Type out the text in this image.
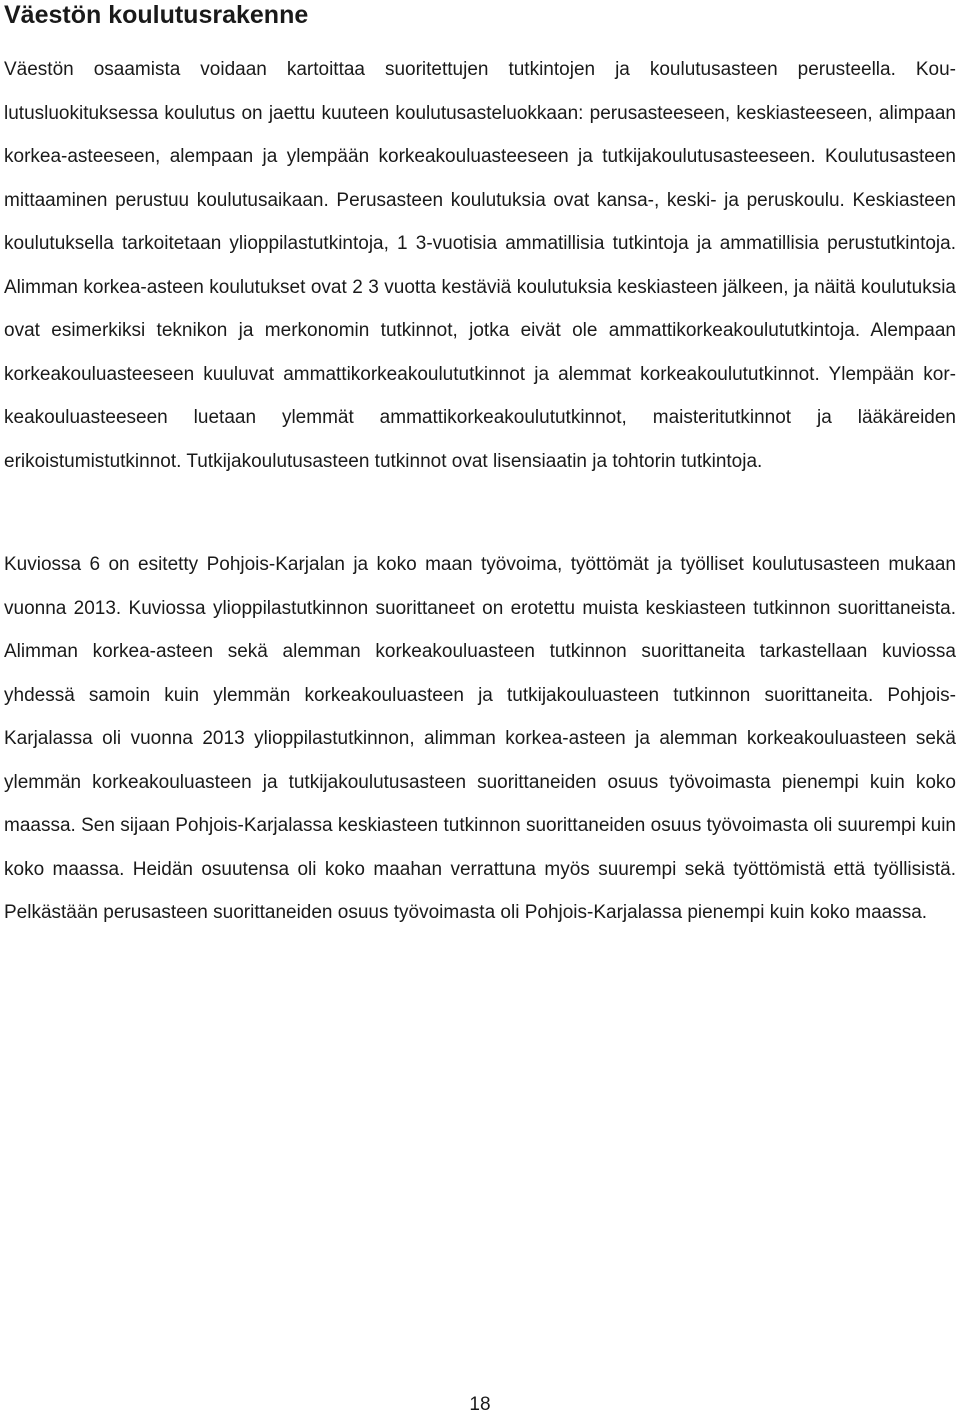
Väestön koulutusrakenne

Väestön osaamista voidaan kartoittaa suoritettujen tutkintojen ja koulutusasteen perusteella. Koulutusluokituksessa koulutus on jaettu kuuteen koulutusasteluokkaan: perusasteeseen, keskiasteeseen, alimpaan korkea-asteeseen, alempaan ja ylempään korkeakouluasteeseen ja tutkijakoulutusasteeseen. Koulutusasteen mittaaminen perustuu koulutusaikaan. Perusasteen koulutuksia ovat kansa-, keski- ja peruskoulu. Keskiasteen koulutuksella tarkoitetaan ylioppilastutkintoja, 1 3-vuotisia ammatillisia tutkintoja ja ammatillisia perustutkintoja. Alimman korkea-asteen koulutukset ovat 2 3 vuotta kestäviä koulutuksia keskiasteen jälkeen, ja näitä koulutuksia ovat esimerkiksi teknikon ja merkonomin tutkinnot, jotka eivät ole ammattikorkeakoulututkintoja. Alempaan korkeakouluasteeseen kuuluvat ammattikorkeakoulututkinnot ja alemmat korkeakoulututkinnot. Ylempään korkeakouluasteeseen luetaan ylemmät ammattikorkeakoulututkinnot, maisteritutkinnot ja lääkäreiden erikoistumistutkinnot. Tutkijakoulutusasteen tutkinnot ovat lisensiaatin ja tohtorin tutkintoja.

Kuviossa 6 on esitetty Pohjois-Karjalan ja koko maan työvoima, työttömät ja työlliset koulutusasteen mukaan vuonna 2013. Kuviossa ylioppilastutkinnon suorittaneet on erotettu muista keskiasteen tutkinnon suorittaneista. Alimman korkea-asteen sekä alemman korkeakouluasteen tutkinnon suorittaneita tarkastellaan kuviossa yhdessä samoin kuin ylemmän korkeakouluasteen ja tutkijakouluasteen tutkinnon suorittaneita. Pohjois-Karjalassa oli vuonna 2013 ylioppilastutkinnon, alimman korkea-asteen ja alemman korkeakouluasteen sekä ylemmän korkeakouluasteen ja tutkijakoulutusasteen suorittaneiden osuus työvoimasta pienempi kuin koko maassa. Sen sijaan Pohjois-Karjalassa keskiasteen tutkinnon suorittaneiden osuus työvoimasta oli suurempi kuin koko maassa. Heidän osuutensa oli koko maahan verrattuna myös suurempi sekä työttömistä että työllisistä. Pelkästään perusasteen suorittaneiden osuus työvoimasta oli Pohjois-Karjalassa pienempi kuin koko maassa.

18
